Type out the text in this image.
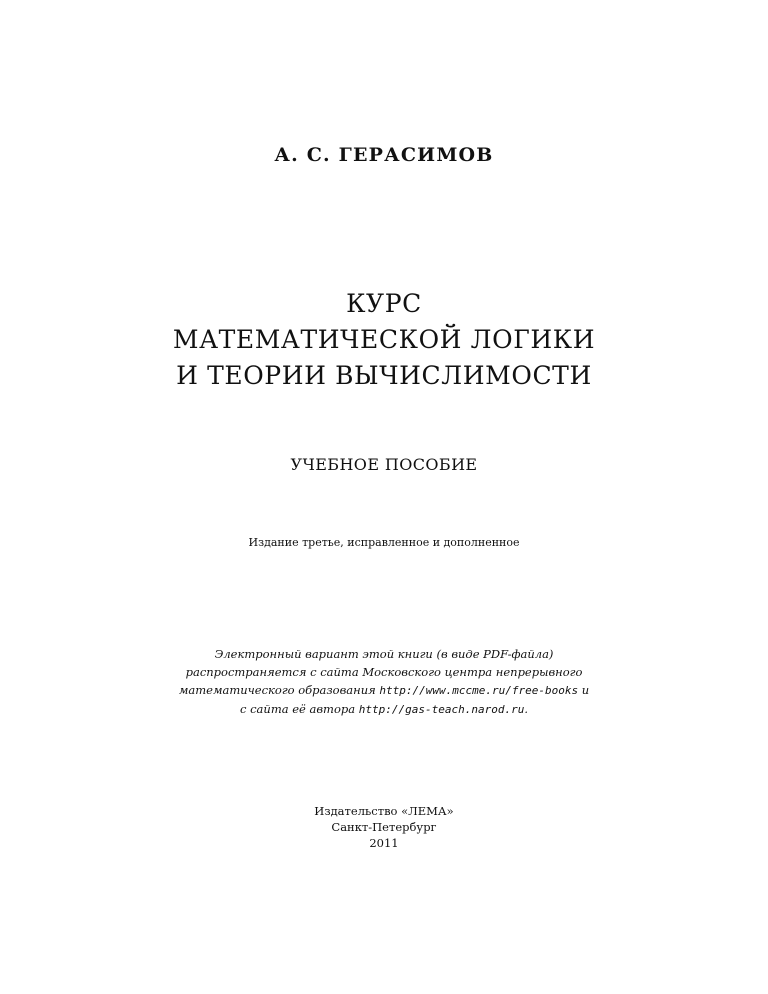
А. С. ГЕРАСИМОВ
КУРС
МАТЕМАТИЧЕСКОЙ ЛОГИКИ
И ТЕОРИИ ВЫЧИСЛИМОСТИ
УЧЕБНОЕ ПОСОБИЕ
Издание третье, исправленное и дополненное
Электронный вариант этой книги (в виде PDF-файла)
распространяется с сайта Московского центра непрерывного
математического образования http://www.mccme.ru/free-books и
с сайта её автора http://gas-teach.narod.ru.
Издательство «ЛЕМА»
Санкт-Петербург
2011
